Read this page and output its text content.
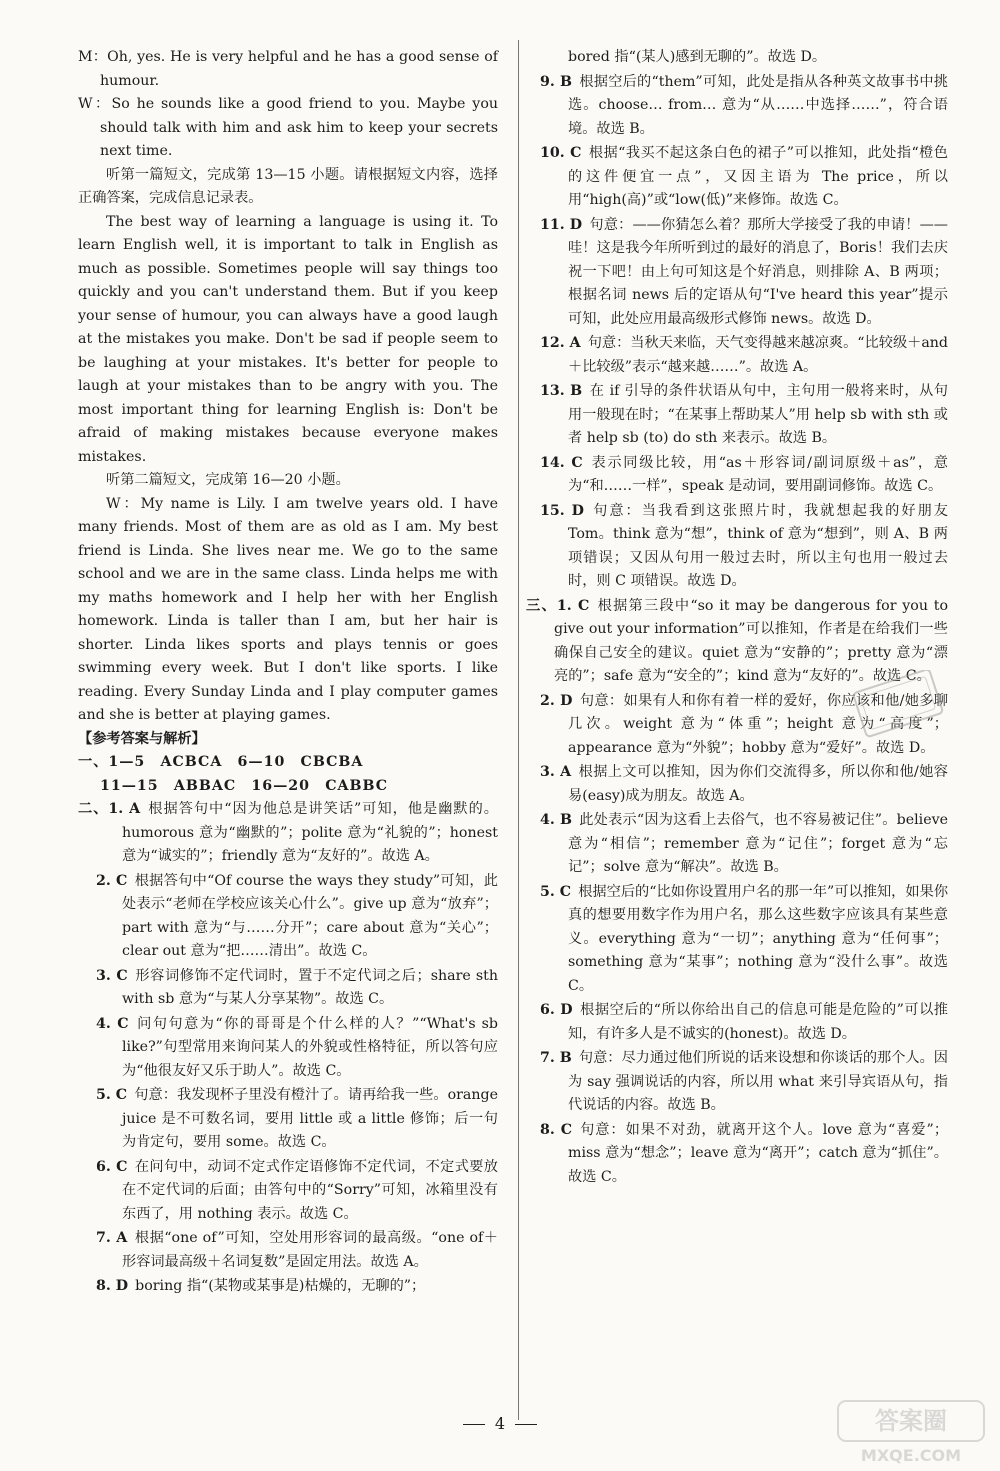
M：Oh, yes. He is very helpful and he has a good sense of humour.

W：So he sounds like a good friend to you. Maybe you should talk with him and ask him to keep your secrets next time.

听第一篇短文，完成第 13—15 小题。请根据短文内容，选择正确答案，完成信息记录表。

The best way of learning a language is using it. To learn English well, it is important to talk in English as much as possible. Sometimes people will say things too quickly and you can't understand them. But if you keep your sense of humour, you can always have a good laugh at the mistakes you make. Don't be sad if people seem to be laughing at your mistakes. It's better for people to laugh at your mistakes than to be angry with you. The most important thing for learning English is: Don't be afraid of making mistakes because everyone makes mistakes.

听第二篇短文，完成第 16—20 小题。

W：My name is Lily. I am twelve years old. I have many friends. Most of them are as old as I am. My best friend is Linda. She lives near me. We go to the same school and we are in the same class. Linda helps me with my maths homework and I help her with her English homework. Linda is taller than I am, but her hair is shorter. Linda likes sports and plays tennis or goes swimming every week. But I don't like sports. I like reading. Every Sunday Linda and I play computer games and she is better at playing games.

【参考答案与解析】

一、1—5　ACBCA　6—10　CBCBA

11—15　ABBAC　16—20　CABBC

二、1. A  根据答句中“因为他总是讲笑话”可知，他是幽默的。humorous 意为“幽默的”；polite 意为“礼貌的”；honest 意为“诚实的”；friendly 意为“友好的”。故选 A。

2. C  根据答句中“Of course the ways they study”可知，此处表示“老师在学校应该关心什么”。give up 意为“放弃”；part with 意为“与……分开”；care about 意为“关心”；clear out 意为“把……清出”。故选 C。

3. C  形容词修饰不定代词时，置于不定代词之后；share sth with sb 意为“与某人分享某物”。故选 C。

4. C  问句句意为“你的哥哥是个什么样的人？”“What's sb like?”句型常用来询问某人的外貌或性格特征，所以答句应为“他很友好又乐于助人”。故选 C。

5. C  句意：我发现杯子里没有橙汁了。请再给我一些。orange juice 是不可数名词，要用 little 或 a little 修饰；后一句为肯定句，要用 some。故选 C。

6. C  在问句中，动词不定式作定语修饰不定代词，不定式要放在不定代词的后面；由答句中的“Sorry”可知，冰箱里没有东西了，用 nothing 表示。故选 C。

7. A  根据“one of”可知，空处用形容词的最高级。“one of＋形容词最高级＋名词复数”是固定用法。故选 A。

8. D  boring 指“(某物或某事是)枯燥的，无聊的”；

bored 指“(某人)感到无聊的”。故选 D。

9. B  根据空后的“them”可知，此处是指从各种英文故事书中挑选。choose… from… 意为“从……中选择……”，符合语境。故选 B。

10. C  根据“我买不起这条白色的裙子”可以推知，此处指“橙色的这件便宜一点”，又因主语为 The price，所以用“high(高)”或“low(低)”来修饰。故选 C。

11. D  句意：——你猜怎么着？那所大学接受了我的申请！——哇！这是我今年所听到过的最好的消息了，Boris！我们去庆祝一下吧！由上句可知这是个好消息，则排除 A、B 两项；根据名词 news 后的定语从句“I've heard this year”提示可知，此处应用最高级形式修饰 news。故选 D。

12. A  句意：当秋天来临，天气变得越来越凉爽。“比较级＋and＋比较级”表示“越来越……”。故选 A。

13. B  在 if 引导的条件状语从句中，主句用一般将来时，从句用一般现在时；“在某事上帮助某人”用 help sb with sth 或者 help sb (to) do sth 来表示。故选 B。

14. C  表示同级比较，用“as＋形容词/副词原级＋as”，意为“和……一样”，speak 是动词，要用副词修饰。故选 C。

15. D  句意：当我看到这张照片时，我就想起我的好朋友 Tom。think 意为“想”，think of 意为“想到”，则 A、B 两项错误；又因从句用一般过去时，所以主句也用一般过去时，则 C 项错误。故选 D。

三、1. C  根据第三段中“so it may be dangerous for you to give out your information”可以推知，作者是在给我们一些确保自己安全的建议。quiet 意为“安静的”；pretty 意为“漂亮的”；safe 意为“安全的”；kind 意为“友好的”。故选 C。

2. D  句意：如果有人和你有着一样的爱好，你应该和他/她多聊几次。weight 意为“体重”；height 意为“高度”；appearance 意为“外貌”；hobby 意为“爱好”。故选 D。

3. A  根据上文可以推知，因为你们交流得多，所以你和他/她容易(easy)成为朋友。故选 A。

4. B  此处表示“因为这看上去俗气，也不容易被记住”。believe 意为“相信”；remember 意为“记住”；forget 意为“忘记”；solve 意为“解决”。故选 B。

5. C  根据空后的“比如你设置用户名的那一年”可以推知，如果你真的想要用数字作为用户名，那么这些数字应该具有某些意义。everything 意为“一切”；anything 意为“任何事”；something 意为“某事”；nothing 意为“没什么事”。故选 C。

6. D  根据空后的“所以你给出自己的信息可能是危险的”可以推知，有许多人是不诚实的(honest)。故选 D。

7. B  句意：尽力通过他们所说的话来设想和你谈话的那个人。因为 say 强调说话的内容，所以用 what 来引导宾语从句，指代说话的内容。故选 B。

8. C  句意：如果不对劲，就离开这个人。love 意为“喜爱”；miss 意为“想念”；leave 意为“离开”；catch 意为“抓住”。故选 C。

4	答案圈
MXQE.COM
